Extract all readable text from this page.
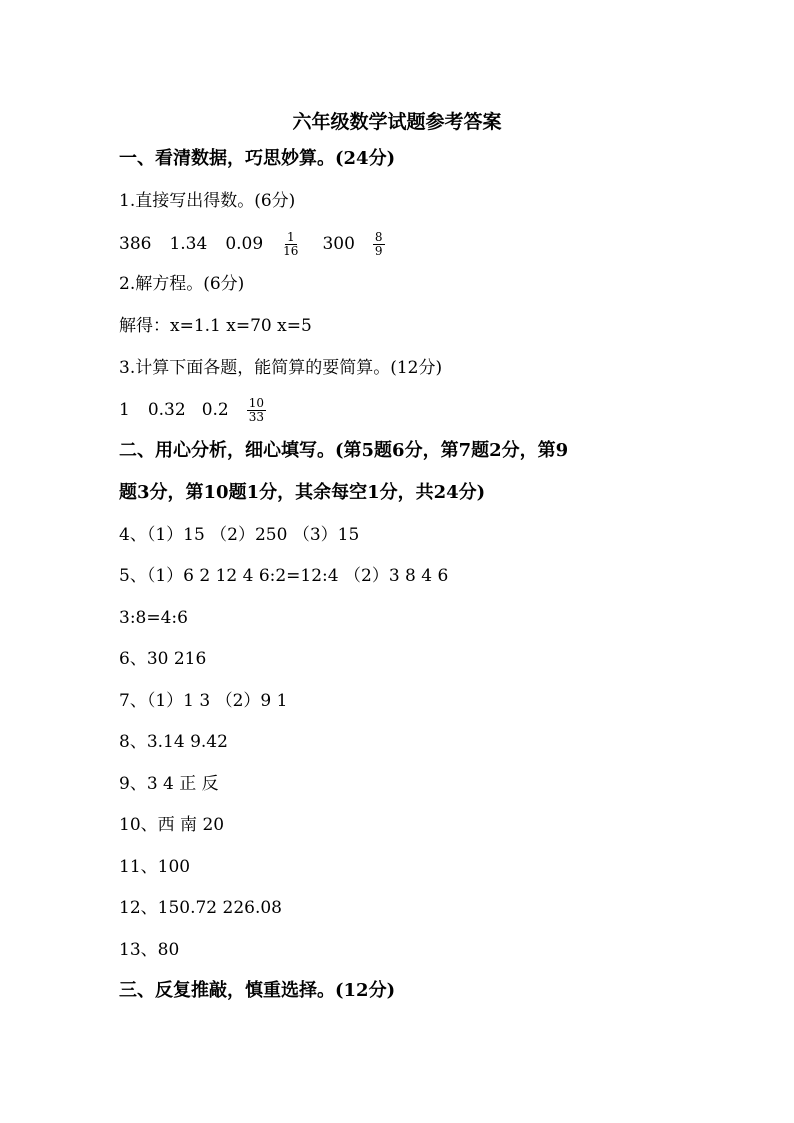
六年级数学试题参考答案
一、看清数据，巧思妙算。(24分)
1.直接写出得数。(6分)
386 1.34 $0.09 \frac{1}{16} 300 \frac{8}{9}$
2.解方程。(6分)
解得：x=1.1 x=70 x=5
3.计算下面各题，能简算的要简算。(12分)
1 0.32 $0.2 \frac{10}{33}$
二、用心分析，细心填写。(第5题6分，第7题2分，第9
题3分，第10题1分，其余每空1分，共24分)
4、（1）15 （2）250 （3）15
5、（1）6 2 12 4 6:2=12:4 （2）3 8 4 6
3:8=4:6
6、30 216
7、（1）1 3 （2）9 1
8、3.14 9.42
9、3 4 正 反
10、西 南 20
11、100
12、150.72 226.08
13、80
三、反复推敲，慎重选择。(12分)
